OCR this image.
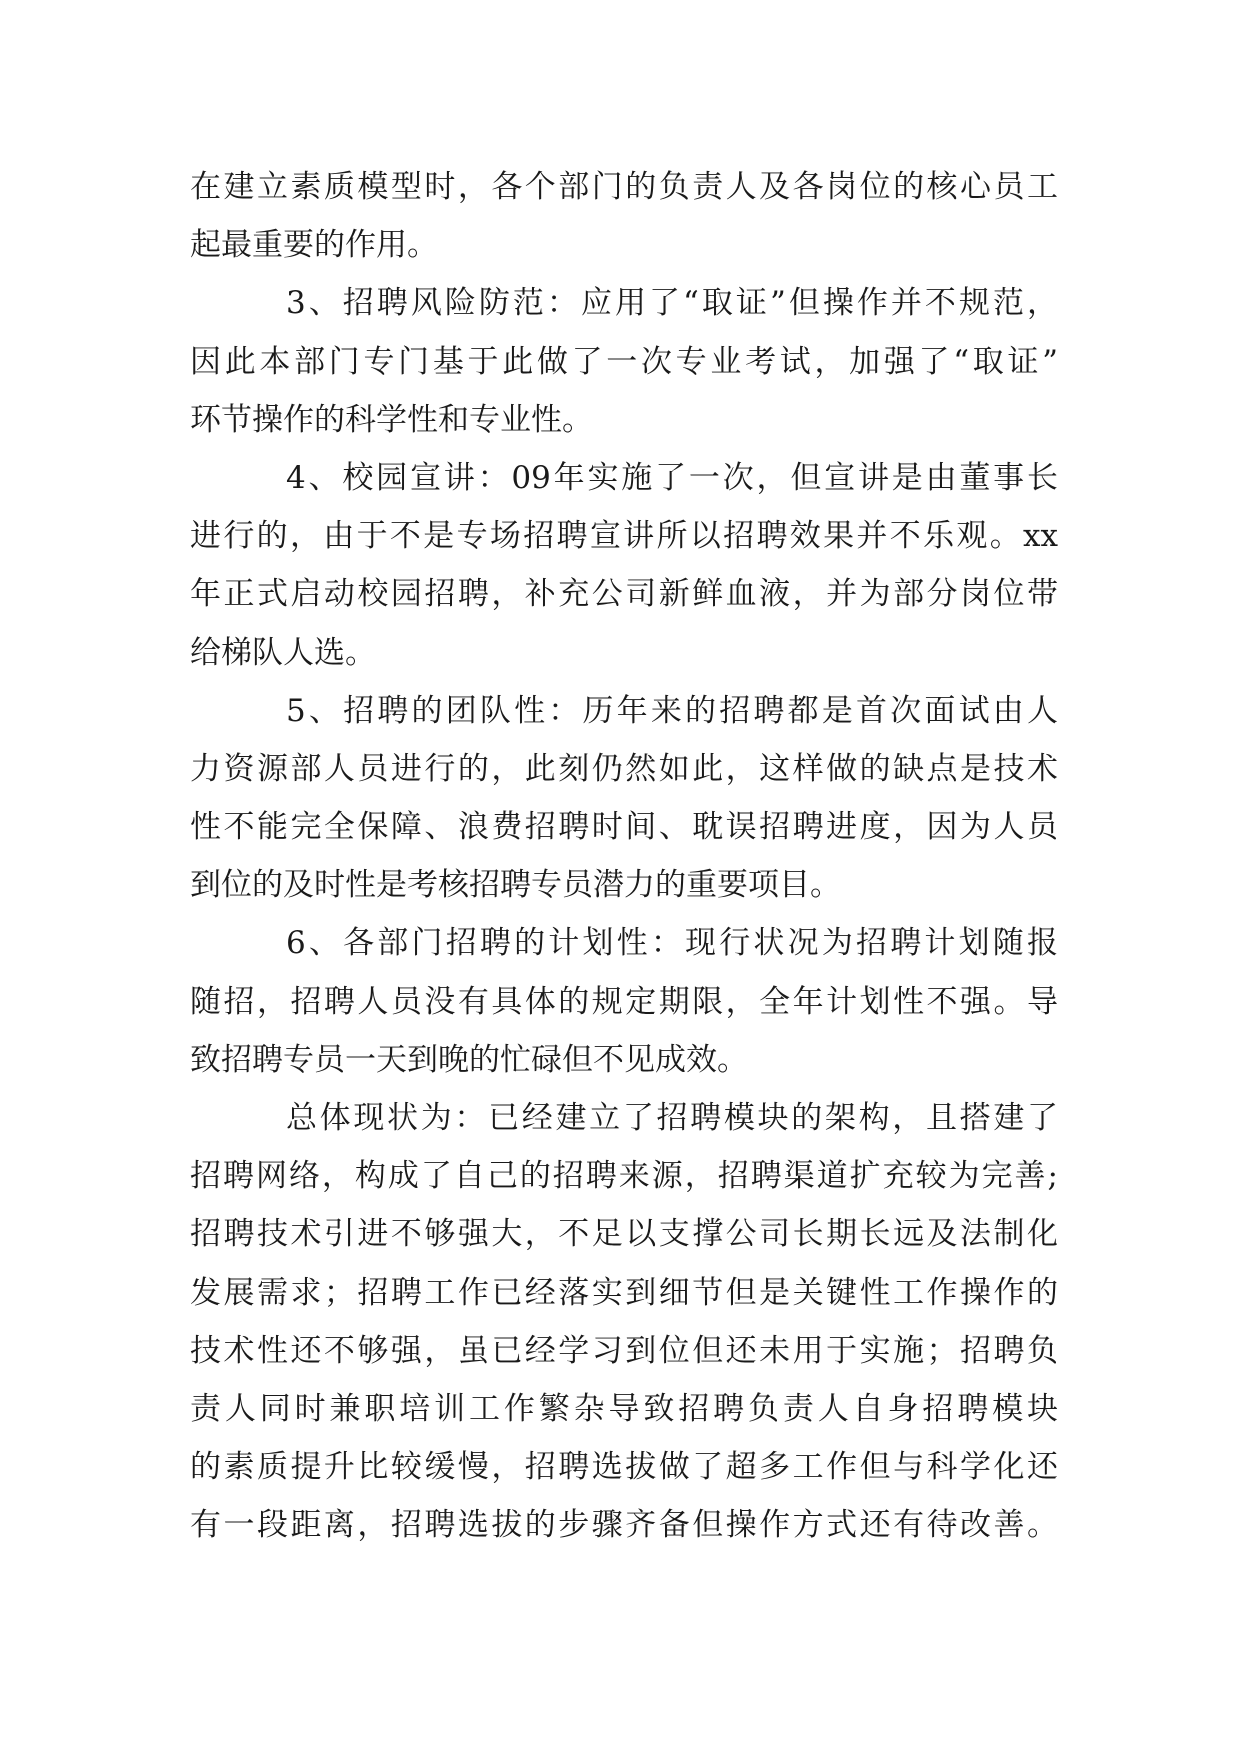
在建立素质模型时，各个部门的负责人及各岗位的核心员工
起最重要的作用。
3、招聘风险防范：应用了“取证”但操作并不规范，
因此本部门专门基于此做了一次专业考试，加强了“取证”
环节操作的科学性和专业性。
4、校园宣讲：09年实施了一次，但宣讲是由董事长
进行的，由于不是专场招聘宣讲所以招聘效果并不乐观。xx
年正式启动校园招聘，补充公司新鲜血液，并为部分岗位带
给梯队人选。
5、招聘的团队性：历年来的招聘都是首次面试由人
力资源部人员进行的，此刻仍然如此，这样做的缺点是技术
性不能完全保障、浪费招聘时间、耽误招聘进度，因为人员
到位的及时性是考核招聘专员潜力的重要项目。
6、各部门招聘的计划性：现行状况为招聘计划随报
随招，招聘人员没有具体的规定期限，全年计划性不强。导
致招聘专员一天到晚的忙碌但不见成效。
总体现状为：已经建立了招聘模块的架构，且搭建了
招聘网络，构成了自己的招聘来源，招聘渠道扩充较为完善;
招聘技术引进不够强大，不足以支撑公司长期长远及法制化
发展需求；招聘工作已经落实到细节但是关键性工作操作的
技术性还不够强，虽已经学习到位但还未用于实施；招聘负
责人同时兼职培训工作繁杂导致招聘负责人自身招聘模块
的素质提升比较缓慢，招聘选拔做了超多工作但与科学化还
有一段距离，招聘选拔的步骤齐备但操作方式还有待改善。
